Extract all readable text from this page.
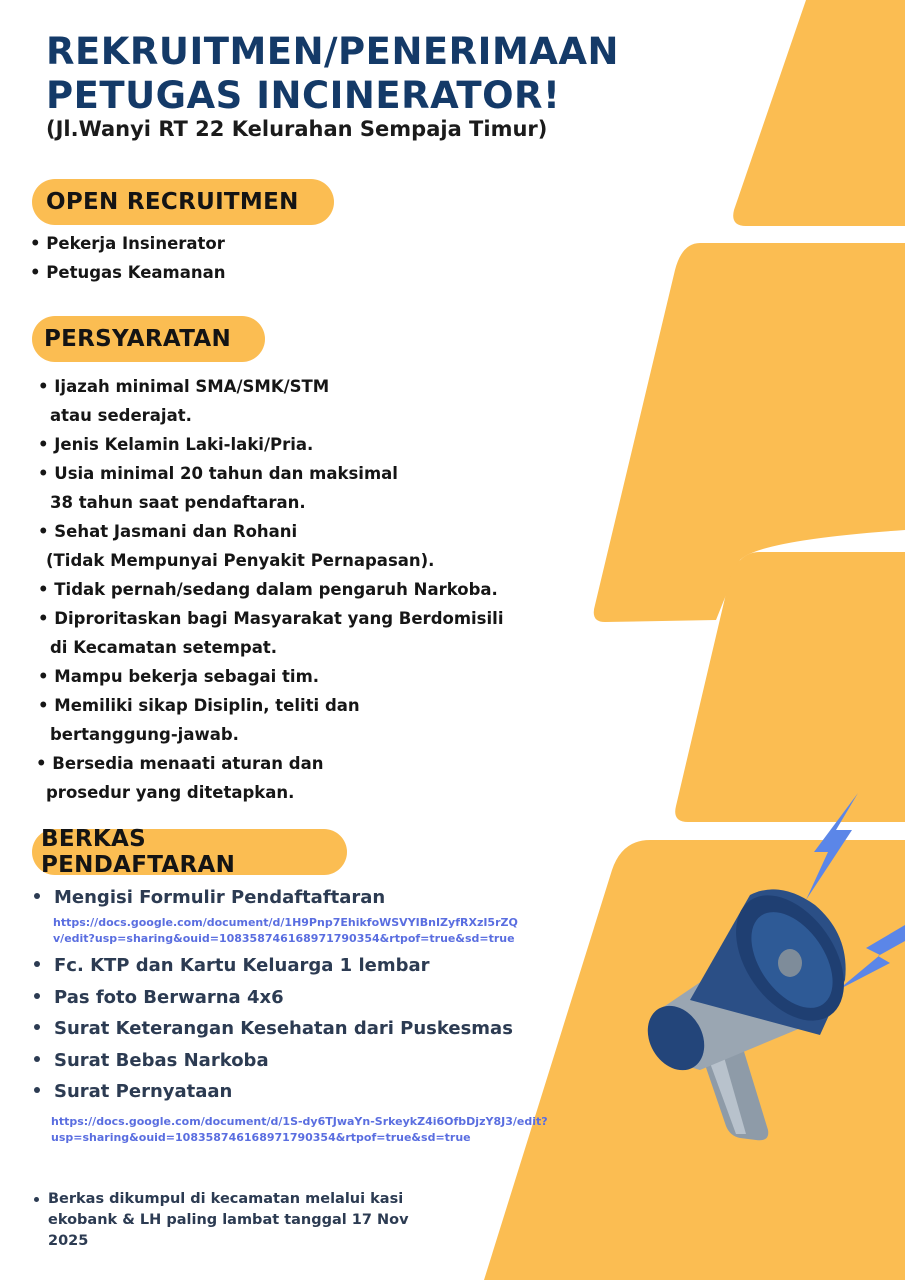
REKRUITMEN/PENERIMAAN
PETUGAS INCINERATOR!
(Jl.Wanyi RT 22 Kelurahan Sempaja Timur)
OPEN RECRUITMEN
• Pekerja Insinerator
• Petugas Keamanan
PERSYARATAN
• Ijazah minimal SMA/SMK/STM
atau sederajat.
• Jenis Kelamin Laki-laki/Pria.
• Usia minimal 20 tahun dan maksimal
38 tahun saat pendaftaran.
• Sehat Jasmani dan Rohani
(Tidak Mempunyai Penyakit Pernapasan).
• Tidak pernah/sedang dalam pengaruh Narkoba.
• Diproritaskan bagi Masyarakat yang Berdomisili
di Kecamatan setempat.
• Mampu bekerja sebagai tim.
• Memiliki sikap Disiplin, teliti dan
bertanggung-jawab.
• Bersedia menaati aturan dan
prosedur yang ditetapkan.
BERKAS PENDAFTARAN
Mengisi Formulir Pendaftaftaran
https://docs.google.com/document/d/1H9Pnp7EhikfoWSVYIBnIZyfRXzI5rZQ
v/edit?usp=sharing&ouid=108358746168971790354&rtpof=true&sd=true
Fc. KTP dan Kartu Keluarga 1 lembar
Pas foto Berwarna 4x6
Surat Keterangan Kesehatan dari Puskesmas
Surat Bebas Narkoba
Surat Pernyataan
https://docs.google.com/document/d/1S-dy6TJwaYn-SrkeykZ4i6OfbDjzY8J3/edit?
usp=sharing&ouid=108358746168971790354&rtpof=true&sd=true
Berkas dikumpul di kecamatan melalui kasi
ekobank & LH paling lambat tanggal 17 Nov
2025
